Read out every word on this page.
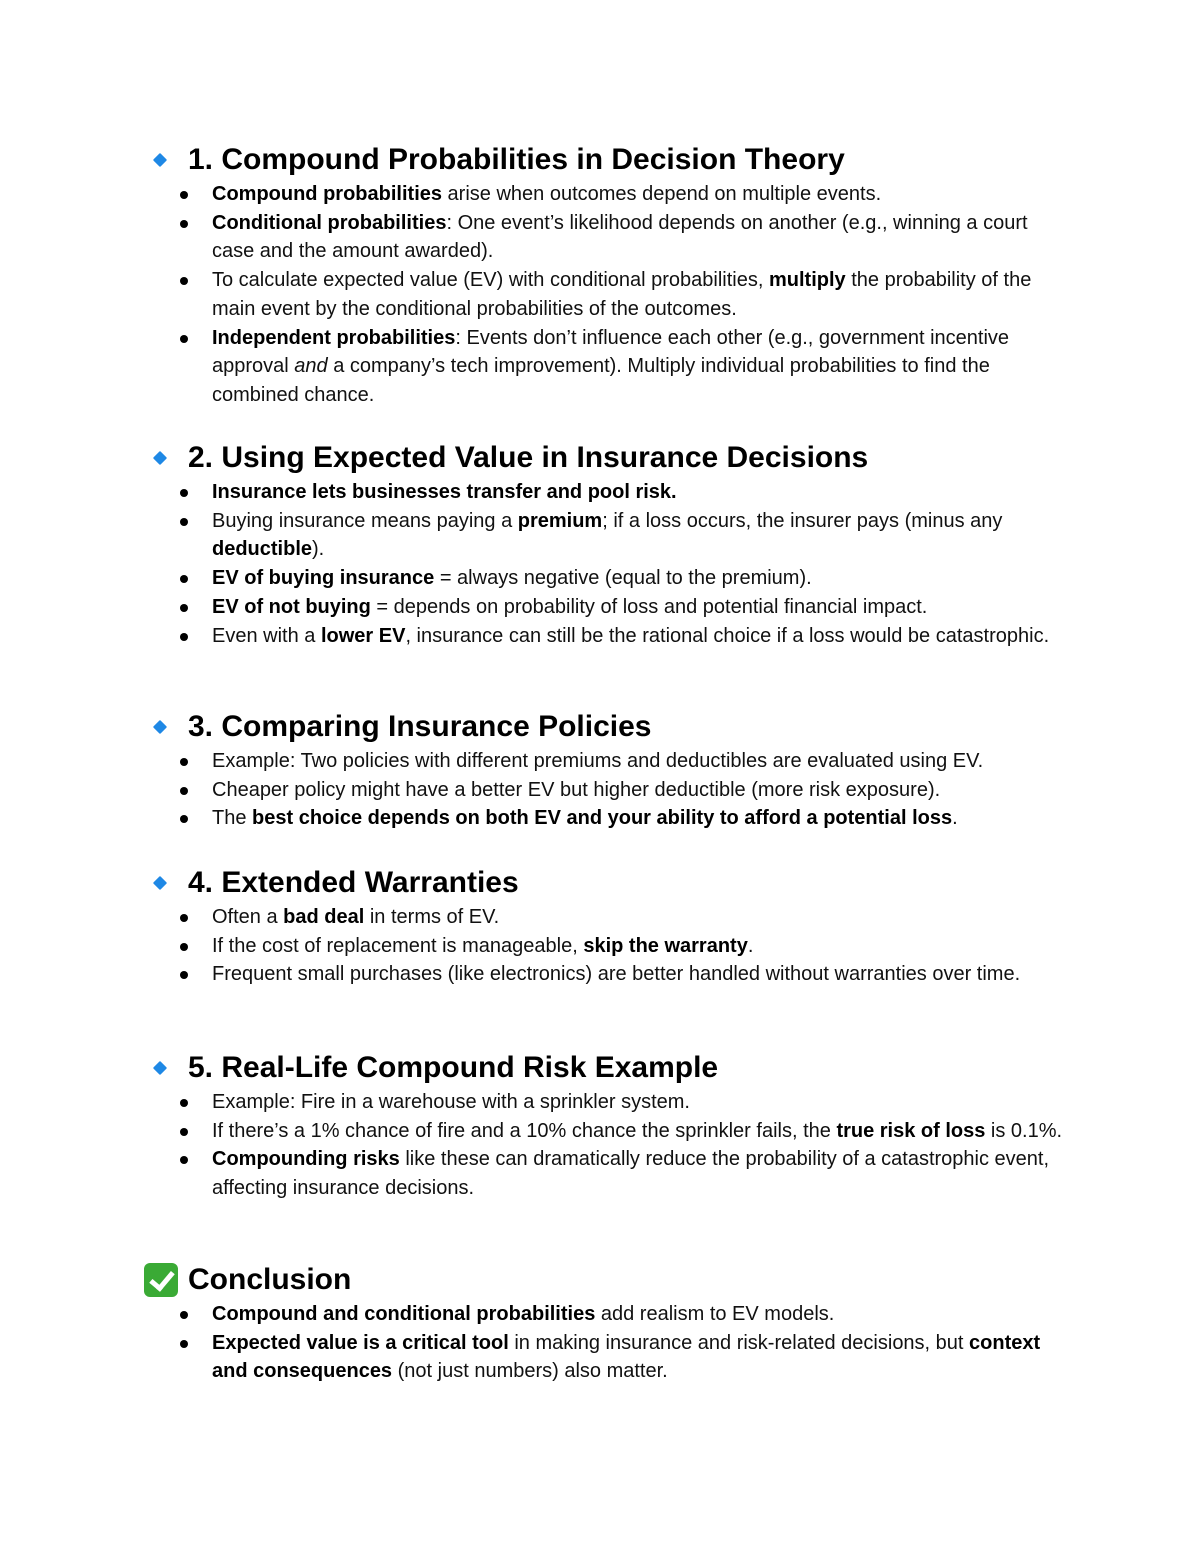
1. Compound Probabilities in Decision Theory
Compound probabilities arise when outcomes depend on multiple events.
Conditional probabilities: One event’s likelihood depends on another (e.g., winning a court case and the amount awarded).
To calculate expected value (EV) with conditional probabilities, multiply the probability of the main event by the conditional probabilities of the outcomes.
Independent probabilities: Events don’t influence each other (e.g., government incentive approval and a company’s tech improvement). Multiply individual probabilities to find the combined chance.
2. Using Expected Value in Insurance Decisions
Insurance lets businesses transfer and pool risk.
Buying insurance means paying a premium; if a loss occurs, the insurer pays (minus any deductible).
EV of buying insurance = always negative (equal to the premium).
EV of not buying = depends on probability of loss and potential financial impact.
Even with a lower EV, insurance can still be the rational choice if a loss would be catastrophic.
3. Comparing Insurance Policies
Example: Two policies with different premiums and deductibles are evaluated using EV.
Cheaper policy might have a better EV but higher deductible (more risk exposure).
The best choice depends on both EV and your ability to afford a potential loss.
4. Extended Warranties
Often a bad deal in terms of EV.
If the cost of replacement is manageable, skip the warranty.
Frequent small purchases (like electronics) are better handled without warranties over time.
5. Real-Life Compound Risk Example
Example: Fire in a warehouse with a sprinkler system.
If there’s a 1% chance of fire and a 10% chance the sprinkler fails, the true risk of loss is 0.1%.
Compounding risks like these can dramatically reduce the probability of a catastrophic event, affecting insurance decisions.
Conclusion
Compound and conditional probabilities add realism to EV models.
Expected value is a critical tool in making insurance and risk-related decisions, but context and consequences (not just numbers) also matter.
